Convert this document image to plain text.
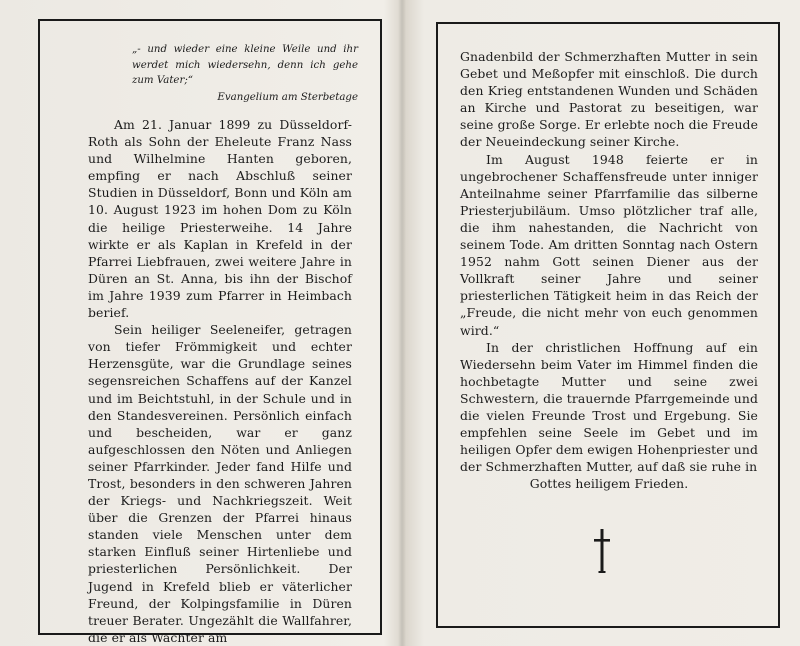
„- und wieder eine kleine Weile und ihr werdet mich wiedersehn, denn ich gehe zum Vater;“
Evangelium am Sterbetage

Am 21. Januar 1899 zu Düsseldorf-Roth als Sohn der Eheleute Franz Nass und Wilhelmine Hanten geboren, empfing er nach Abschluß seiner Studien in Düsseldorf, Bonn und Köln am 10. August 1923 im hohen Dom zu Köln die heilige Priesterweihe. 14 Jahre wirkte er als Kaplan in Krefeld in der Pfarrei Liebfrauen, zwei weitere Jahre in Düren an St. Anna, bis ihn der Bischof im Jahre 1939 zum Pfarrer in Heimbach berief.

Sein heiliger Seeleneifer, getragen von tiefer Frömmigkeit und echter Herzensgüte, war die Grundlage seines segensreichen Schaffens auf der Kanzel und im Beichtstuhl, in der Schule und in den Standesvereinen. Persönlich einfach und bescheiden, war er ganz aufgeschlossen den Nöten und Anliegen seiner Pfarrkinder. Jeder fand Hilfe und Trost, besonders in den schweren Jahren der Kriegs- und Nachkriegszeit. Weit über die Grenzen der Pfarrei hinaus standen viele Menschen unter dem starken Einfluß seiner Hirtenliebe und priesterlichen Persönlichkeit. Der Jugend in Krefeld blieb er väterlicher Freund, der Kolpingsfamilie in Düren treuer Berater. Ungezählt die Wallfahrer, die er als Wächter am

Gnadenbild der Schmerzhaften Mutter in sein Gebet und Meßopfer mit einschloß. Die durch den Krieg entstandenen Wunden und Schäden an Kirche und Pastorat zu beseitigen, war seine große Sorge. Er erlebte noch die Freude der Neueindeckung seiner Kirche.

Im August 1948 feierte er in ungebrochener Schaffensfreude unter inniger Anteilnahme seiner Pfarrfamilie das silberne Priesterjubiläum. Umso plötzlicher traf alle, die ihm nahestanden, die Nachricht von seinem Tode. Am dritten Sonntag nach Ostern 1952 nahm Gott seinen Diener aus der Vollkraft seiner Jahre und seiner priesterlichen Tätigkeit heim in das Reich der „Freude, die nicht mehr von euch genommen wird.“

In der christlichen Hoffnung auf ein Wiedersehn beim Vater im Himmel finden die hochbetagte Mutter und seine zwei Schwestern, die trauernde Pfarrgemeinde und die vielen Freunde Trost und Ergebung. Sie empfehlen seine Seele im Gebet und im heiligen Opfer dem ewigen Hohenpriester und der Schmerzhaften Mutter, auf daß sie ruhe in

Gottes heiligem Frieden.
